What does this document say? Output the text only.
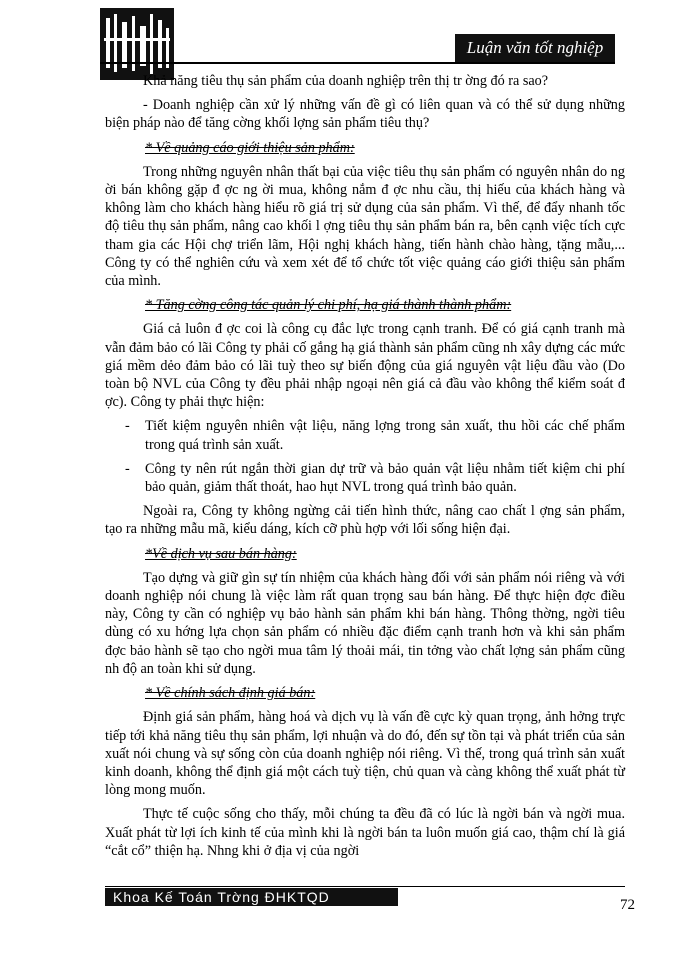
Luận văn tốt nghiệp

Khả năng tiêu thụ sản phẩm của doanh nghiệp trên thị tr ờng đó ra sao?

- Doanh nghiệp cần xử lý những vấn đề gì có liên quan và có thể sử dụng những biện pháp nào để tăng cờng khối lợng sản phẩm tiêu thụ?

* Về quảng cáo giới thiệu sản phẩm:

Trong những nguyên nhân thất bại của việc tiêu thụ sản phẩm có nguyên nhân do ng ời bán không gặp đ ợc ng ời mua, không nắm đ ợc nhu cầu, thị hiếu của khách hàng và không làm cho khách hàng hiểu rõ giá trị sử dụng của sản phẩm. Vì thế, để đẩy nhanh tốc độ tiêu thụ sản phẩm, nâng cao khối l ợng tiêu thụ sản phẩm bán ra, bên cạnh việc tích cực tham gia các Hội chợ triển lãm, Hội nghị khách hàng, tiến hành chào hàng, tặng mẫu,... Công ty có thể nghiên cứu và xem xét để tổ chức tốt việc quảng cáo giới thiệu sản phẩm của mình.

* Tăng cờng công tác quản lý chi phí, hạ giá thành thành phẩm:

Giá cả luôn đ ợc coi là công cụ đắc lực trong cạnh tranh. Để có giá cạnh tranh mà vẫn đảm bảo có lãi Công ty phải cố gắng hạ giá thành sản phẩm cũng nh xây dựng các mức giá mềm dẻo đảm bảo có lãi tuỳ theo sự biến động của giá nguyên vật liệu đầu vào (Do toàn bộ NVL của Công ty đều phải nhập ngoại nên giá cả đầu vào không thể kiểm soát đ ợc). Công ty phải thực hiện:

- Tiết kiệm nguyên nhiên vật liệu, năng lợng trong sản xuất, thu hồi các chế phẩm trong quá trình sản xuất.

- Công ty nên rút ngắn thời gian dự trữ và bảo quản vật liệu nhằm tiết kiệm chi phí bảo quản, giảm thất thoát, hao hụt NVL trong quá trình bảo quản.

Ngoài ra, Công ty không ngừng cải tiến hình thức, nâng cao chất l ợng sản phẩm, tạo ra những mẫu mã, kiểu dáng, kích cỡ phù hợp với lối sống hiện đại.

*Về dịch vụ sau bán hàng:

Tạo dựng và giữ gìn sự tín nhiệm của khách hàng đối với sản phẩm nói riêng và với doanh nghiệp nói chung là việc làm rất quan trọng sau bán hàng. Để thực hiện đợc điều này, Công ty cần có nghiệp vụ bảo hành sản phẩm khi bán hàng. Thông thờng, ngời tiêu dùng có xu hớng lựa chọn sản phẩm có nhiều đặc điểm cạnh tranh hơn và khi sản phẩm đợc bảo hành sẽ tạo cho ngời mua tâm lý thoải mái, tin tởng vào chất lợng sản phẩm cũng nh độ an toàn khi sử dụng.

* Về chính sách định giá bán:

Định giá sản phẩm, hàng hoá và dịch vụ là vấn đề cực kỳ quan trọng, ảnh hởng trực tiếp tới khả năng tiêu thụ sản phẩm, lợi nhuận và do đó, đến sự tồn tại và phát triển của sản xuất nói chung và sự sống còn của doanh nghiệp nói riêng. Vì thế, trong quá trình sản xuất kinh doanh, không thể định giá một cách tuỳ tiện, chủ quan và càng không thể xuất phát từ lòng mong muốn.

Thực tế cuộc sống cho thấy, mỗi chúng ta đều đã có lúc là ngời bán và ngời mua. Xuất phát từ lợi ích kinh tế của mình khi là ngời bán ta luôn muốn giá cao, thậm chí là giá “cắt cổ” thiện hạ. Nhng khi ở địa vị của ngời

Khoa Kế Toán Trờng ĐHKTQD	72
